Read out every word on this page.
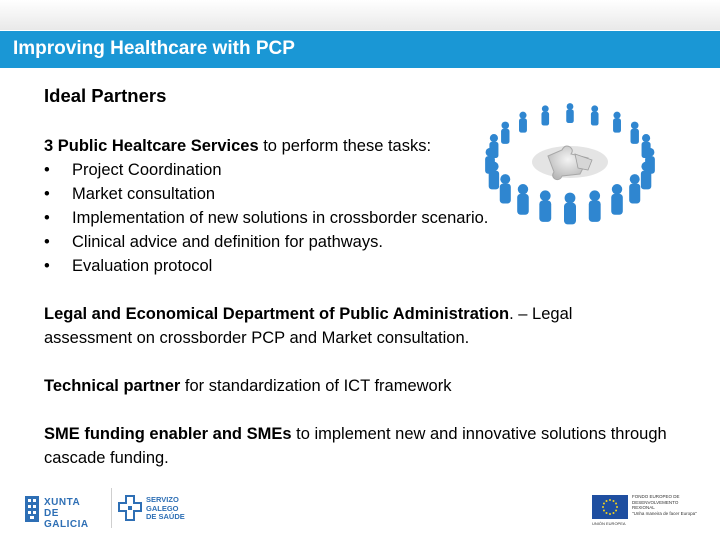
Improving Healthcare with PCP
Ideal Partners
3 Public Healtcare Services to perform these tasks:
• Project Coordination
• Market consultation
• Implementation of new solutions in crossborder scenario.
• Clinical advice and definition for pathways.
• Evaluation protocol
Legal and Economical Department of Public Administration. – Legal assessment on crossborder PCP and Market consultation.
Technical partner for standardization of ICT framework
SME funding enabler and SMEs to implement new and innovative solutions through cascade funding.
XUNTA
DE GALICIA
SERVIZO
GALEGO
DE SAÚDE
FONDO EUROPEO DE
DESENVOLVEMENTO
REXIONAL
"Unha maneira de facer Europa"
UNIÓN EUROPEA
